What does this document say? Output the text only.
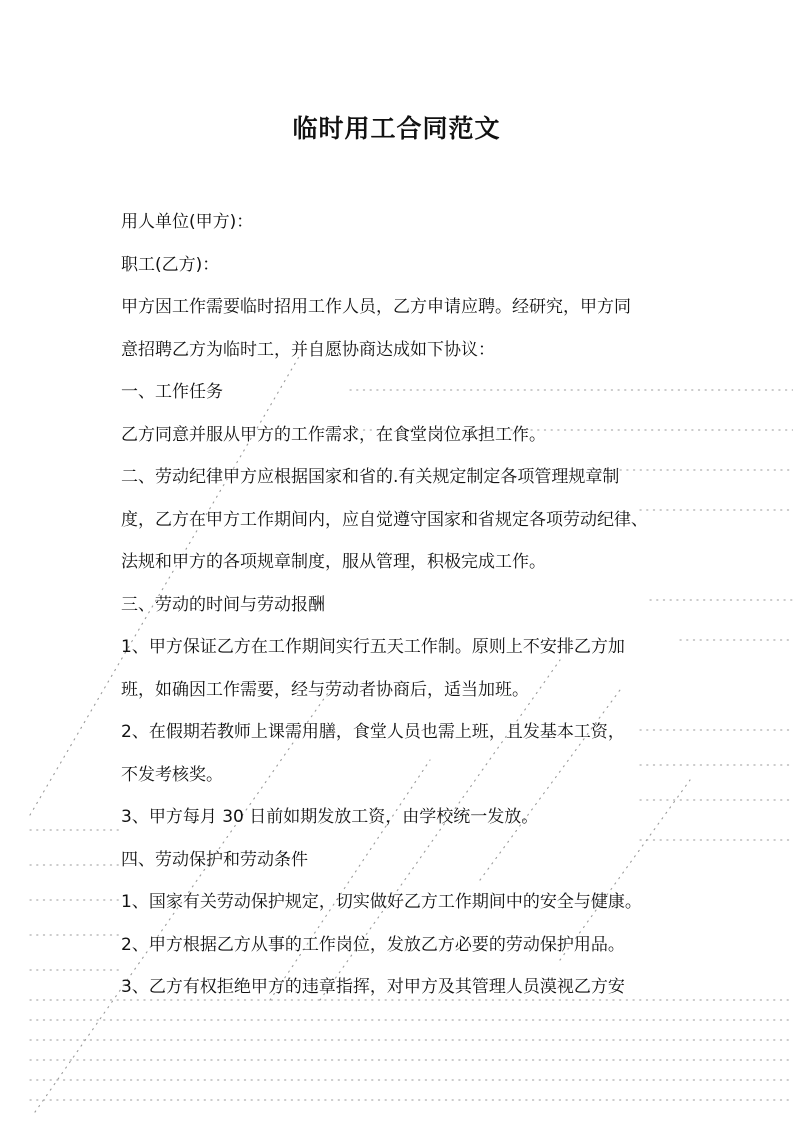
临时用工合同范文

用人单位(甲方)：

职工(乙方)：

甲方因工作需要临时招用工作人员，乙方申请应聘。经研究，甲方同

意招聘乙方为临时工，并自愿协商达成如下协议：

一、工作任务

乙方同意并服从甲方的工作需求，在食堂岗位承担工作。

二、劳动纪律甲方应根据国家和省的.有关规定制定各项管理规章制

度，乙方在甲方工作期间内，应自觉遵守国家和省规定各项劳动纪律、

法规和甲方的各项规章制度，服从管理，积极完成工作。

三、劳动的时间与劳动报酬

1、甲方保证乙方在工作期间实行五天工作制。原则上不安排乙方加

班，如确因工作需要，经与劳动者协商后，适当加班。

2、在假期若教师上课需用膳，食堂人员也需上班，且发基本工资，

不发考核奖。

3、甲方每月 30 日前如期发放工资，由学校统一发放。

四、劳动保护和劳动条件

1、国家有关劳动保护规定，切实做好乙方工作期间中的安全与健康。

2、甲方根据乙方从事的工作岗位，发放乙方必要的劳动保护用品。

3、乙方有权拒绝甲方的违章指挥，对甲方及其管理人员漠视乙方安
